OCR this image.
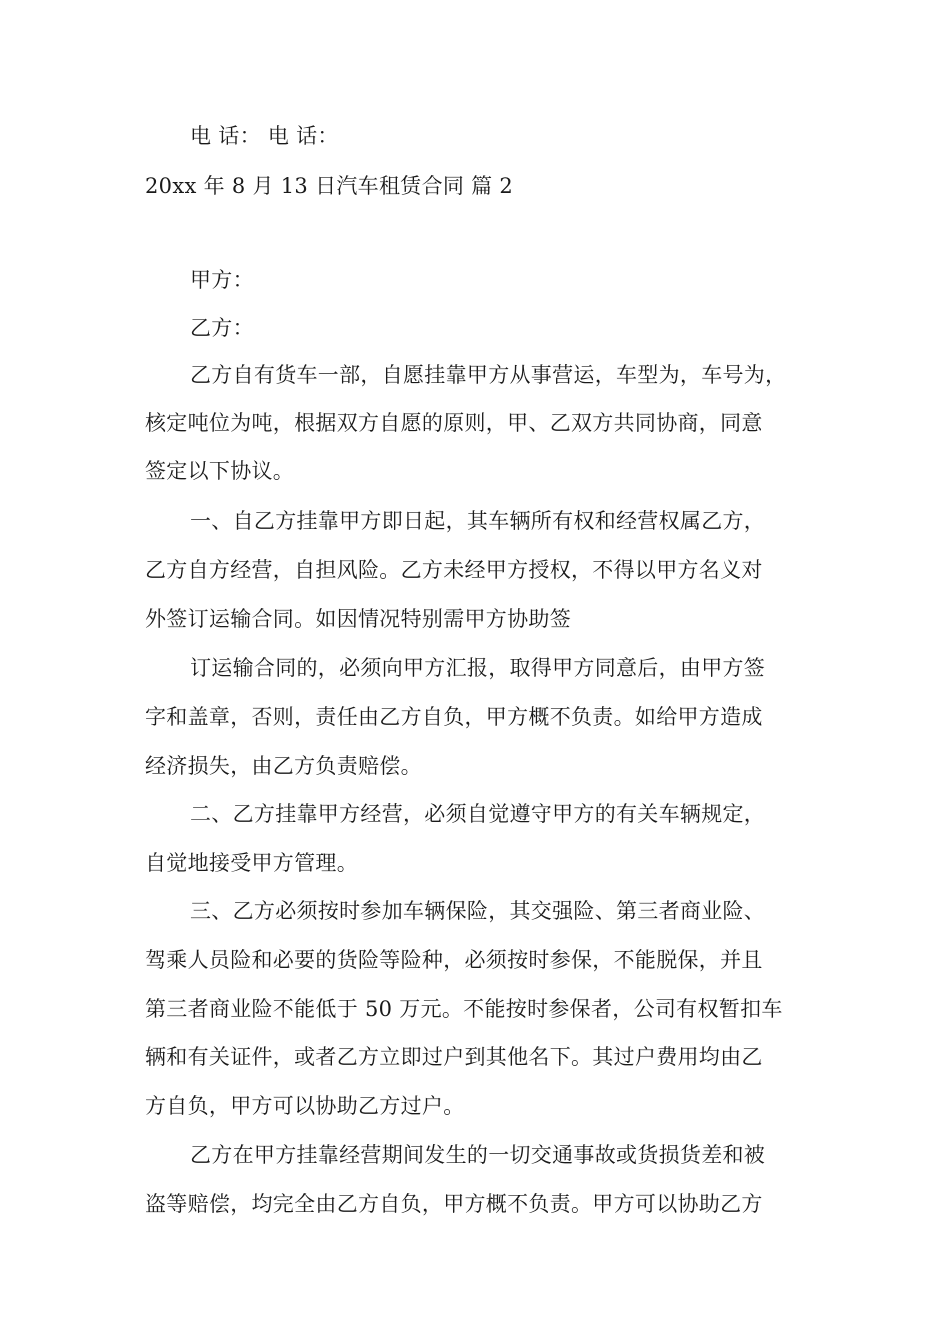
电 话： 电 话：
20xx 年 8 月 13 日汽车租赁合同 篇 2
甲方：
乙方：
乙方自有货车一部，自愿挂靠甲方从事营运，车型为，车号为，
核定吨位为吨，根据双方自愿的原则，甲、乙双方共同协商，同意
签定以下协议。
一、自乙方挂靠甲方即日起，其车辆所有权和经营权属乙方，
乙方自方经营，自担风险。乙方未经甲方授权，不得以甲方名义对
外签订运输合同。如因情况特别需甲方协助签
订运输合同的，必须向甲方汇报，取得甲方同意后，由甲方签
字和盖章，否则，责任由乙方自负，甲方概不负责。如给甲方造成
经济损失，由乙方负责赔偿。
二、乙方挂靠甲方经营，必须自觉遵守甲方的有关车辆规定，
自觉地接受甲方管理。
三、乙方必须按时参加车辆保险，其交强险、第三者商业险、
驾乘人员险和必要的货险等险种，必须按时参保，不能脱保，并且
第三者商业险不能低于 50 万元。不能按时参保者，公司有权暂扣车
辆和有关证件，或者乙方立即过户到其他名下。其过户费用均由乙
方自负，甲方可以协助乙方过户。
乙方在甲方挂靠经营期间发生的一切交通事故或货损货差和被
盗等赔偿，均完全由乙方自负，甲方概不负责。甲方可以协助乙方
